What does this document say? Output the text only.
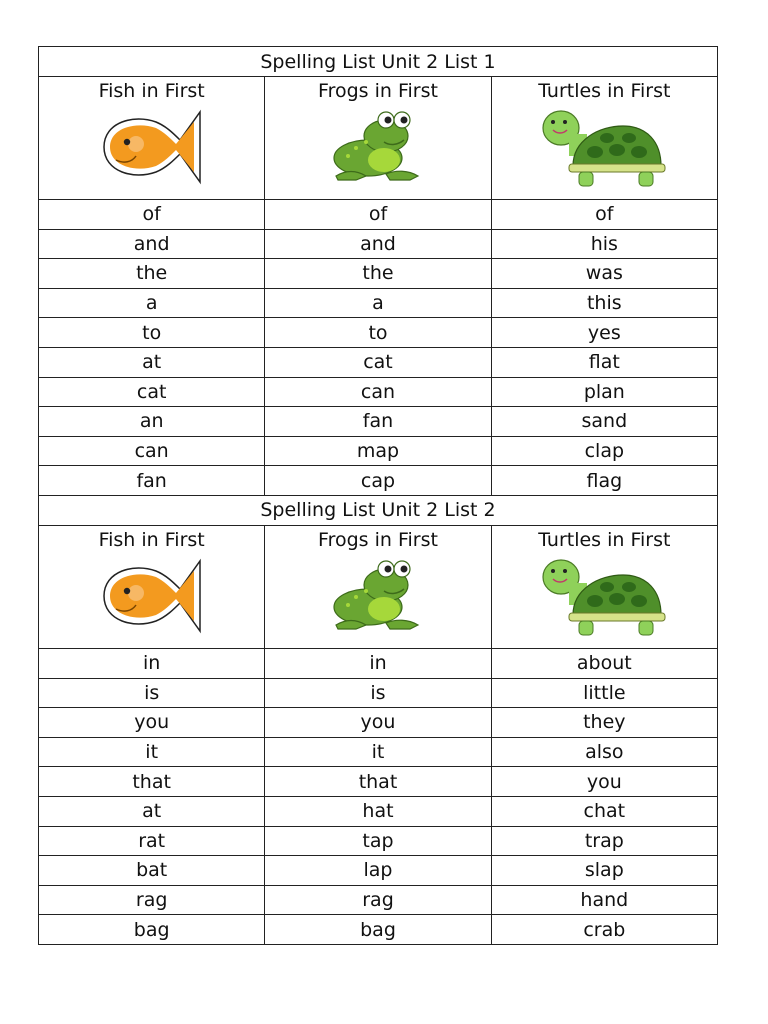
Spelling List Unit 2 List 1		

Fish in First	Frogs in First	Turtles in First

of	of	of
and	and	his
the	the	was
a	a	this
to	to	yes
at	cat	flat
cat	can	plan
an	fan	sand
can	map	clap
fan	cap	flag
Spelling List Unit 2 List 2		

Fish in First	Frogs in First	Turtles in First

in	in	about
is	is	little
you	you	they
it	it	also
that	that	you
at	hat	chat
rat	tap	trap
bat	lap	slap
rag	rag	hand
bag	bag	crab
